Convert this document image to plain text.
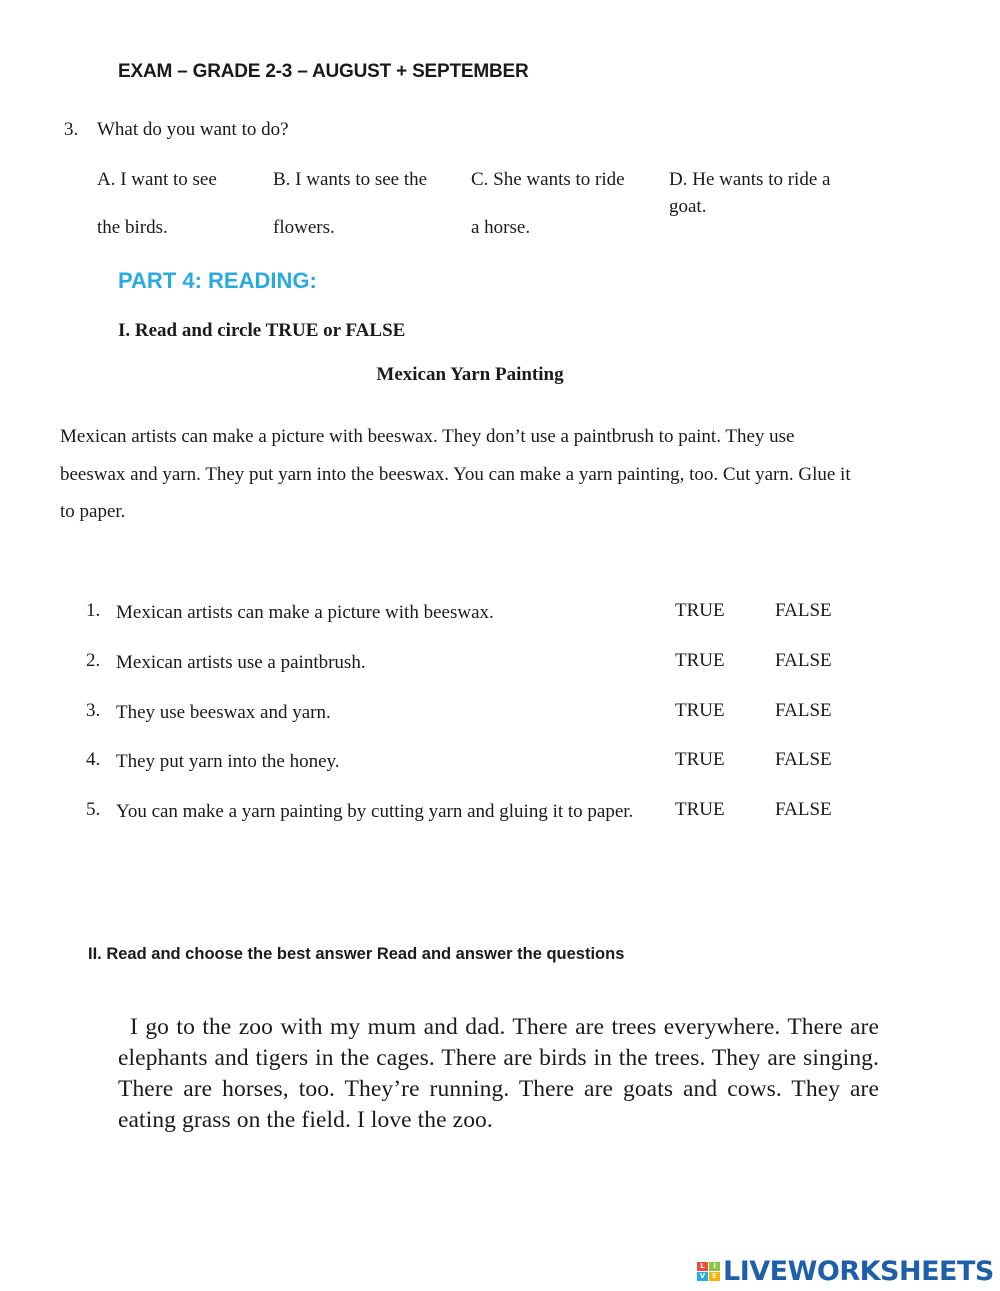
EXAM – GRADE 2-3 – AUGUST + SEPTEMBER
3. What do you want to do?
A. I want to see
the birds.
B. I wants to see the
flowers.
C. She wants to ride
a horse.
D. He wants to ride a
goat.
PART 4: READING:
I. Read and circle TRUE or FALSE
Mexican Yarn Painting
Mexican artists can make a picture with beeswax. They don’t use a paintbrush to paint. They use beeswax and yarn. They put yarn into the beeswax. You can make a yarn painting, too. Cut yarn. Glue it to paper.
1. Mexican artists can make a picture with beeswax.	TRUE	FALSE
2. Mexican artists use a paintbrush.	TRUE	FALSE
3. They use beeswax and yarn.	TRUE	FALSE
4. They put yarn into the honey.	TRUE	FALSE
5. You can make a yarn painting by cutting yarn and gluing it to paper.	TRUE	FALSE
II. Read and choose the best answer Read and answer the questions
I go to the zoo with my mum and dad. There are trees everywhere. There are elephants and tigers in the cages. There are birds in the trees. They are singing. There are horses, too. They’re running. There are goats and cows. They are eating grass on the field. I love the zoo.
L	I
V E LIVEWORKSHEETS
